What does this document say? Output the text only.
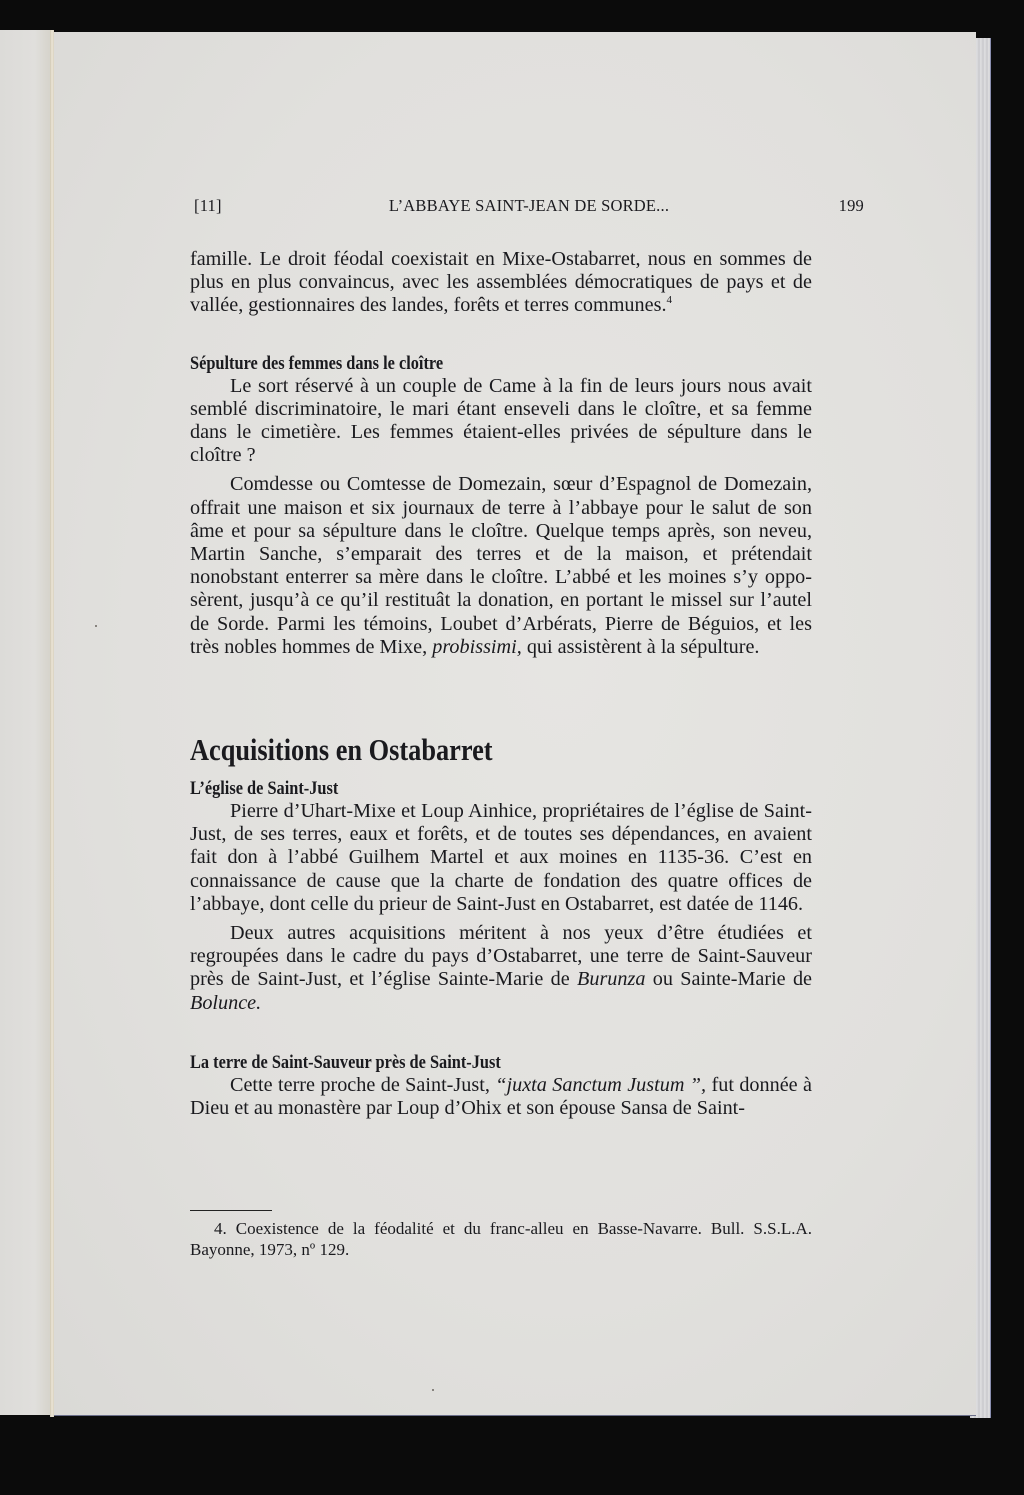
L’ABBAYE SAINT-JEAN DE SORDE...
[11]	199

famille. Le droit féodal coexistait en Mixe-Ostabarret, nous en sommes de plus en plus convaincus, avec les assemblées démocratiques de pays et de vallée, gestionnaires des landes, forêts et terres communes.$^4$

Sépulture des femmes dans le cloître

Le sort réservé à un couple de Came à la fin de leurs jours nous avait semblé discriminatoire, le mari étant enseveli dans le cloître, et sa femme dans le cimetière. Les femmes étaient-elles privées de sépulture dans le cloître ?

Comdesse ou Comtesse de Domezain, sœur d’Espagnol de Domezain, offrait une maison et six journaux de terre à l’abbaye pour le salut de son âme et pour sa sépulture dans le cloître. Quelque temps après, son neveu, Martin Sanche, s’emparait des terres et de la maison, et prétendait nonobstant enterrer sa mère dans le cloître. L’abbé et les moines s’y opposèrent, jusqu’à ce qu’il restituât la donation, en portant le missel sur l’autel de Sorde. Parmi les témoins, Loubet d’Arbérats, Pierre de Béguios, et les très nobles hommes de Mixe, probissimi, qui assistèrent à la sépulture.

Acquisitions en Ostabarret

L’église de Saint-Just

Pierre d’Uhart-Mixe et Loup Ainhice, propriétaires de l’église de Saint-Just, de ses terres, eaux et forêts, et de toutes ses dépendances, en avaient fait don à l’abbé Guilhem Martel et aux moines en 1135-36. C’est en connaissance de cause que la charte de fondation des quatre offices de l’abbaye, dont celle du prieur de Saint-Just en Ostabarret, est datée de 1146.

Deux autres acquisitions méritent à nos yeux d’être étudiées et regroupées dans le cadre du pays d’Ostabarret, une terre de Saint-Sauveur près de Saint-Just, et l’église Sainte-Marie de Burunza ou Sainte-Marie de Bolunce.

La terre de Saint-Sauveur près de Saint-Just

Cette terre proche de Saint-Just, “juxta Sanctum Justum ”, fut donnée à Dieu et au monastère par Loup d’Ohix et son épouse Sansa de Saint-

4. Coexistence de la féodalité et du franc-alleu en Basse-Navarre. Bull. S.S.L.A. Bayonne, 1973, nº 129.
